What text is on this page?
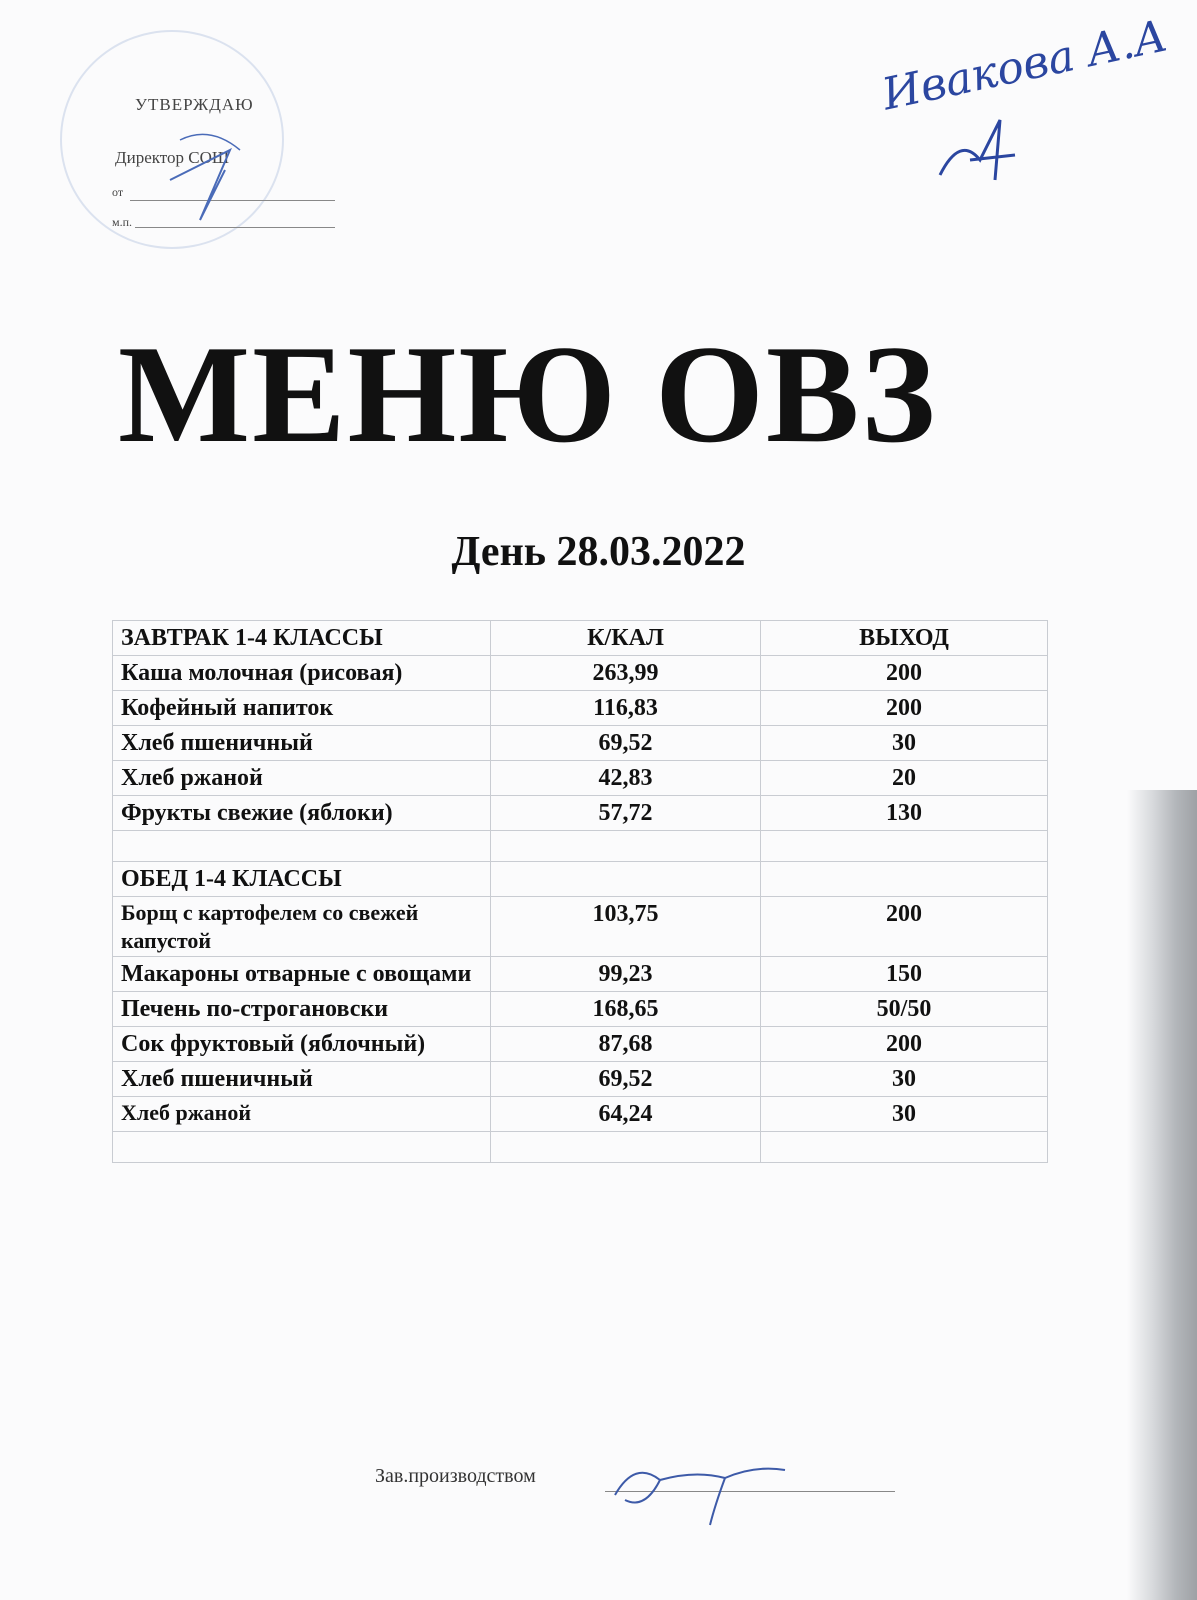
УТВЕРЖДАЮ
Директор СОШ
от
м.п.
Ивакова А.А
МЕНЮ ОВЗ
День 28.03.2022
ЗАВТРАК 1-4 КЛАССЫ	К/КАЛ	ВЫХОД
Каша молочная (рисовая)	263,99	200
Кофейный напиток	116,83	200
Хлеб пшеничный	69,52	30
Хлеб ржаной	42,83	20
Фрукты свежие (яблоки)	57,72	130

ОБЕД 1-4 КЛАССЫ		
Борщ с картофелем со свежей капустой	103,75	200
Макароны отварные с овощами	99,23	150
Печень по-строгановски	168,65	50/50
Сок фруктовый (яблочный)	87,68	200
Хлеб пшеничный	69,52	30
Хлеб ржаной	64,24	30

Зав.производством
